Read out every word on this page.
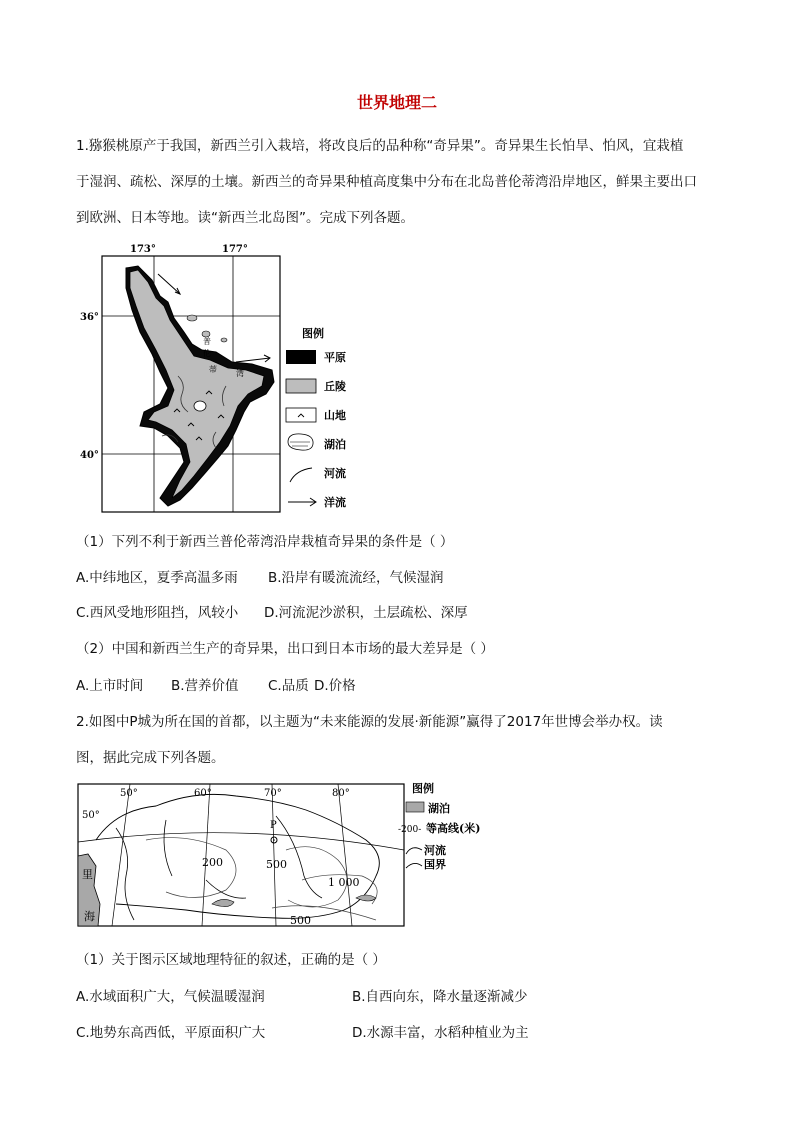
世界地理二
1.猕猴桃原产于我国，新西兰引入栽培，将改良后的品种称“奇异果”。奇异果生长怕旱、怕风，宜栽植
于湿润、疏松、深厚的土壤。新西兰的奇异果种植高度集中分布在北岛普伦蒂湾沿岸地区，鲜果主要出口
到欧洲、日本等地。读“新西兰北岛图”。完成下列各题。
173°	177°
36°
40°
普
伦
蒂 湾
图例
平原
丘陵
山地
湖泊
河流
洋流
（1）下列不利于新西兰普伦蒂湾沿岸栽植奇异果的条件是（ ）
A.中纬地区，夏季高温多雨 B.沿岸有暖流流经，气候湿润
C.西风受地形阻挡，风较小 D.河流泥沙淤积，土层疏松、深厚
（2）中国和新西兰生产的奇异果，出口到日本市场的最大差异是（ ）
A.上市时间 B.营养价值 C.品质 D.价格
2.如图中P城为所在国的首都，以主题为“未来能源的发展·新能源”赢得了2017年世博会举办权。读
图，据此完成下列各题。
50°	60°	70°	80°
50°
里
海
P
200	500
1 000
500
图例
湖泊
-200- 等高线(米)
河流
国界
（1）关于图示区域地理特征的叙述，正确的是（ ）
A.水域面积广大，气候温暖湿润	B.自西向东，降水量逐渐减少
C.地势东高西低，平原面积广大	D.水源丰富，水稻种植业为主
